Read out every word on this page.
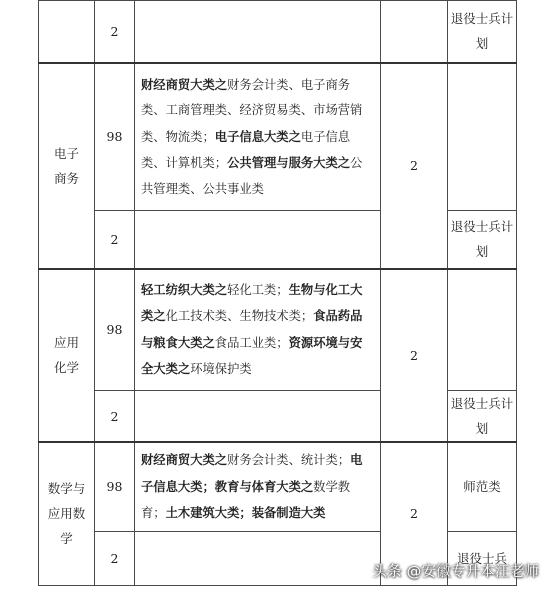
	2			退役士兵计划

电子
商务	98	财经商贸大类之财务会计类、电子商务类、工商管理类、经济贸易类、市场营销类、物流类；电子信息大类之电子信息类、计算机类；公共管理与服务大类之公共管理类、公共事业类	2	
	2			退役士兵计划

应用
化学	98	轻工纺织大类之轻化工类；生物与化工大类之化工技术类、生物技术类；食品药品与粮食大类之食品工业类；资源环境与安全大类之环境保护类	2	
	2			退役士兵计划

数学与
应用数
学	98	财经商贸大类之财务会计类、统计类；电子信息大类；教育与体育大类之数学教育；土木建筑大类；装备制造大类	2	师范类
	2			退役士兵
头条 @安徽专升本汪老师
